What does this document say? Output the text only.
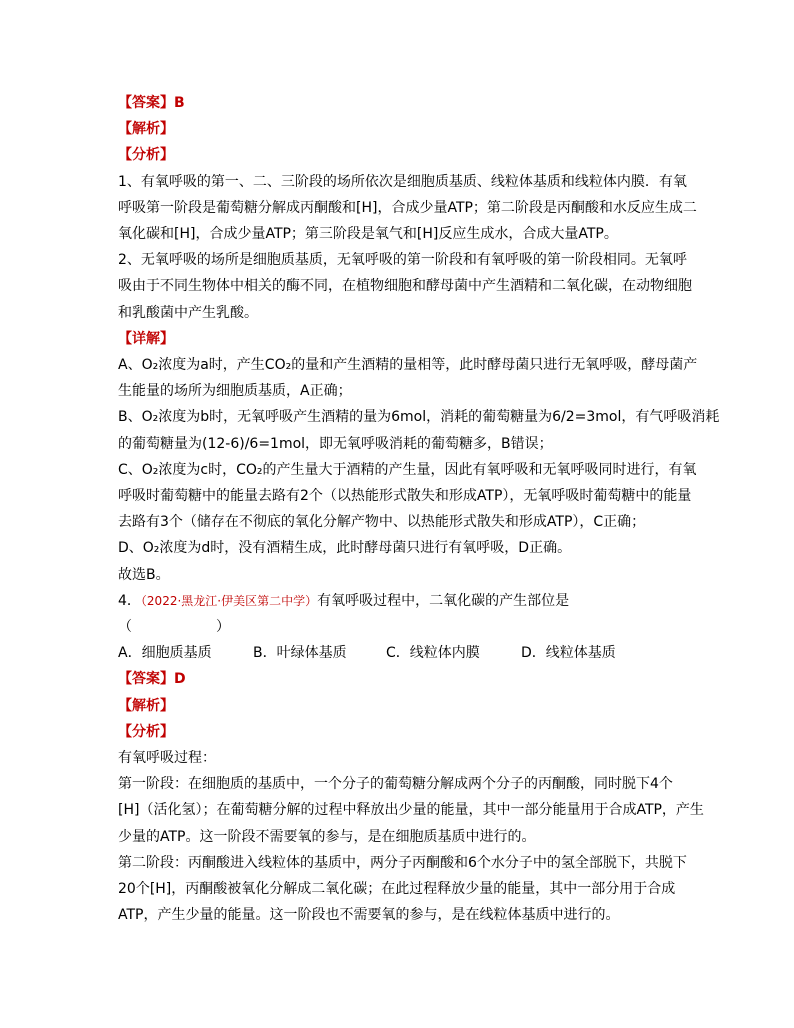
【答案】B
【解析】
【分析】
1、有氧呼吸的第一、二、三阶段的场所依次是细胞质基质、线粒体基质和线粒体内膜．有氧
呼吸第一阶段是葡萄糖分解成丙酮酸和[H]，合成少量ATP；第二阶段是丙酮酸和水反应生成二
氧化碳和[H]，合成少量ATP；第三阶段是氧气和[H]反应生成水，合成大量ATP。
2、无氧呼吸的场所是细胞质基质，无氧呼吸的第一阶段和有氧呼吸的第一阶段相同。无氧呼
吸由于不同生物体中相关的酶不同，在植物细胞和酵母菌中产生酒精和二氧化碳，在动物细胞
和乳酸菌中产生乳酸。
【详解】
A、O₂浓度为a时，产生CO₂的量和产生酒精的量相等，此时酵母菌只进行无氧呼吸，酵母菌产
生能量的场所为细胞质基质，A正确；
B、O₂浓度为b时，无氧呼吸产生酒精的量为6mol，消耗的葡萄糖量为6/2=3mol，有气呼吸消耗
的葡萄糖量为(12-6)/6=1mol，即无氧呼吸消耗的葡萄糖多，B错误；
C、O₂浓度为c时，CO₂的产生量大于酒精的产生量，因此有氧呼吸和无氧呼吸同时进行，有氧
呼吸时葡萄糖中的能量去路有2个（以热能形式散失和形成ATP），无氧呼吸时葡萄糖中的能量
去路有3个（储存在不彻底的氧化分解产物中、以热能形式散失和形成ATP），C正确；
D、O₂浓度为d时，没有酒精生成，此时酵母菌只进行有氧呼吸，D正确。
故选B。
4．（2022·黑龙江·伊美区第二中学）有氧呼吸过程中，二氧化碳的产生部位是
（　　　　　　）
A．细胞质基质	B．叶绿体基质	C．线粒体内膜	D．线粒体基质
【答案】D
【解析】
【分析】
有氧呼吸过程：
第一阶段：在细胞质的基质中，一个分子的葡萄糖分解成两个分子的丙酮酸，同时脱下4个
[H]（活化氢）；在葡萄糖分解的过程中释放出少量的能量，其中一部分能量用于合成ATP，产生
少量的ATP。这一阶段不需要氧的参与，是在细胞质基质中进行的。
第二阶段：丙酮酸进入线粒体的基质中，两分子丙酮酸和6个水分子中的氢全部脱下，共脱下
20个[H]，丙酮酸被氧化分解成二氧化碳；在此过程释放少量的能量，其中一部分用于合成
ATP，产生少量的能量。这一阶段也不需要氧的参与，是在线粒体基质中进行的。
